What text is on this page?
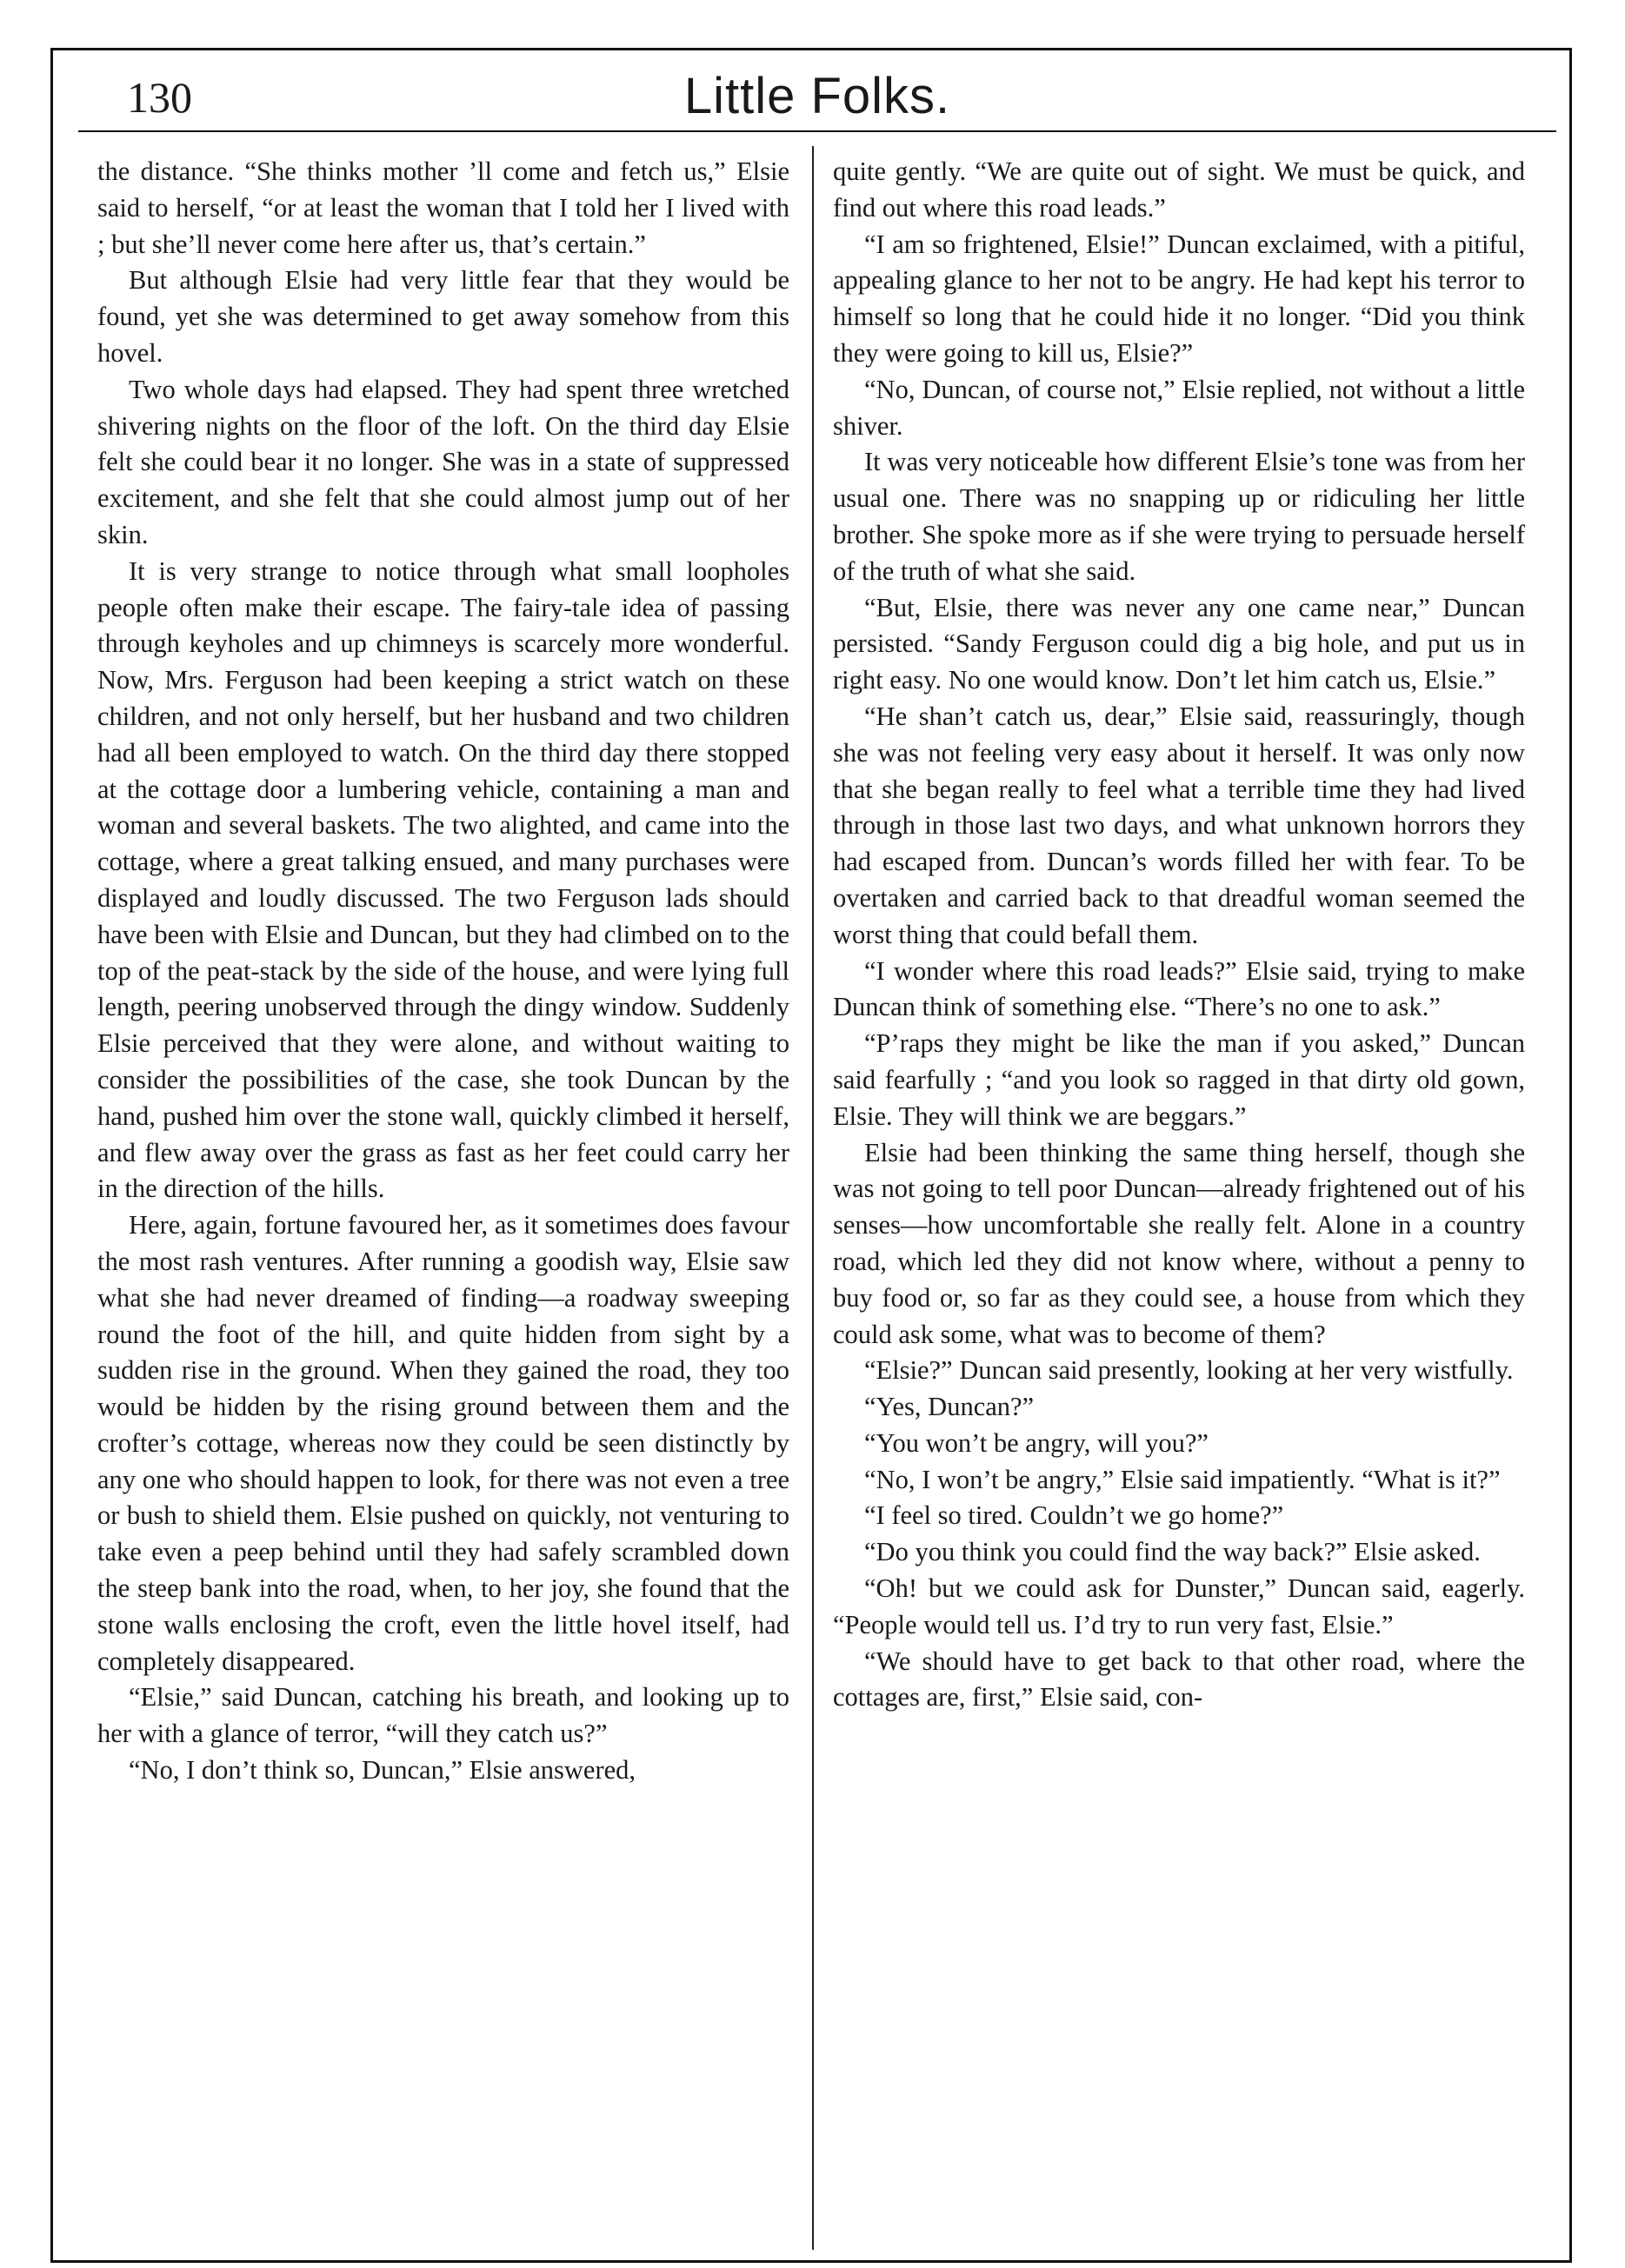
130	Little Folks.

the distance. “She thinks mother ’ll come and fetch us,” Elsie said to herself, “or at least the woman that I told her I lived with ; but she’ll never come here after us, that’s certain.”

But although Elsie had very little fear that they would be found, yet she was determined to get away somehow from this hovel.

Two whole days had elapsed. They had spent three wretched shivering nights on the floor of the loft. On the third day Elsie felt she could bear it no longer. She was in a state of suppressed excitement, and she felt that she could almost jump out of her skin.

It is very strange to notice through what small loopholes people often make their escape. The fairy-tale idea of passing through keyholes and up chimneys is scarcely more wonderful. Now, Mrs. Ferguson had been keeping a strict watch on these children, and not only herself, but her husband and two children had all been employed to watch. On the third day there stopped at the cottage door a lumbering vehicle, containing a man and woman and several baskets. The two alighted, and came into the cottage, where a great talking ensued, and many purchases were displayed and loudly discussed. The two Ferguson lads should have been with Elsie and Duncan, but they had climbed on to the top of the peat-stack by the side of the house, and were lying full length, peering unobserved through the dingy window. Suddenly Elsie perceived that they were alone, and without waiting to consider the possibilities of the case, she took Duncan by the hand, pushed him over the stone wall, quickly climbed it herself, and flew away over the grass as fast as her feet could carry her in the direction of the hills.

Here, again, fortune favoured her, as it sometimes does favour the most rash ventures. After running a goodish way, Elsie saw what she had never dreamed of finding—a roadway sweeping round the foot of the hill, and quite hidden from sight by a sudden rise in the ground. When they gained the road, they too would be hidden by the rising ground between them and the crofter’s cottage, whereas now they could be seen distinctly by any one who should happen to look, for there was not even a tree or bush to shield them. Elsie pushed on quickly, not venturing to take even a peep behind until they had safely scrambled down the steep bank into the road, when, to her joy, she found that the stone walls enclosing the croft, even the little hovel itself, had completely disappeared.

“Elsie,” said Duncan, catching his breath, and looking up to her with a glance of terror, “will they catch us?”

“No, I don’t think so, Duncan,” Elsie answered,

quite gently. “We are quite out of sight. We must be quick, and find out where this road leads.”

“I am so frightened, Elsie!” Duncan exclaimed, with a pitiful, appealing glance to her not to be angry. He had kept his terror to himself so long that he could hide it no longer. “Did you think they were going to kill us, Elsie?”

“No, Duncan, of course not,” Elsie replied, not without a little shiver.

It was very noticeable how different Elsie’s tone was from her usual one. There was no snapping up or ridiculing her little brother. She spoke more as if she were trying to persuade herself of the truth of what she said.

“But, Elsie, there was never any one came near,” Duncan persisted. “Sandy Ferguson could dig a big hole, and put us in right easy. No one would know. Don’t let him catch us, Elsie.”

“He shan’t catch us, dear,” Elsie said, reassuringly, though she was not feeling very easy about it herself. It was only now that she began really to feel what a terrible time they had lived through in those last two days, and what unknown horrors they had escaped from. Duncan’s words filled her with fear. To be overtaken and carried back to that dreadful woman seemed the worst thing that could befall them.

“I wonder where this road leads?” Elsie said, trying to make Duncan think of something else. “There’s no one to ask.”

“P’raps they might be like the man if you asked,” Duncan said fearfully ; “and you look so ragged in that dirty old gown, Elsie. They will think we are beggars.”

Elsie had been thinking the same thing herself, though she was not going to tell poor Duncan—already frightened out of his senses—how uncomfortable she really felt. Alone in a country road, which led they did not know where, without a penny to buy food or, so far as they could see, a house from which they could ask some, what was to become of them?

“Elsie?” Duncan said presently, looking at her very wistfully.

“Yes, Duncan?”

“You won’t be angry, will you?”

“No, I won’t be angry,” Elsie said impatiently. “What is it?”

“I feel so tired. Couldn’t we go home?”

“Do you think you could find the way back?” Elsie asked.

“Oh! but we could ask for Dunster,” Duncan said, eagerly. “People would tell us. I’d try to run very fast, Elsie.”

“We should have to get back to that other road, where the cottages are, first,” Elsie said, con-
